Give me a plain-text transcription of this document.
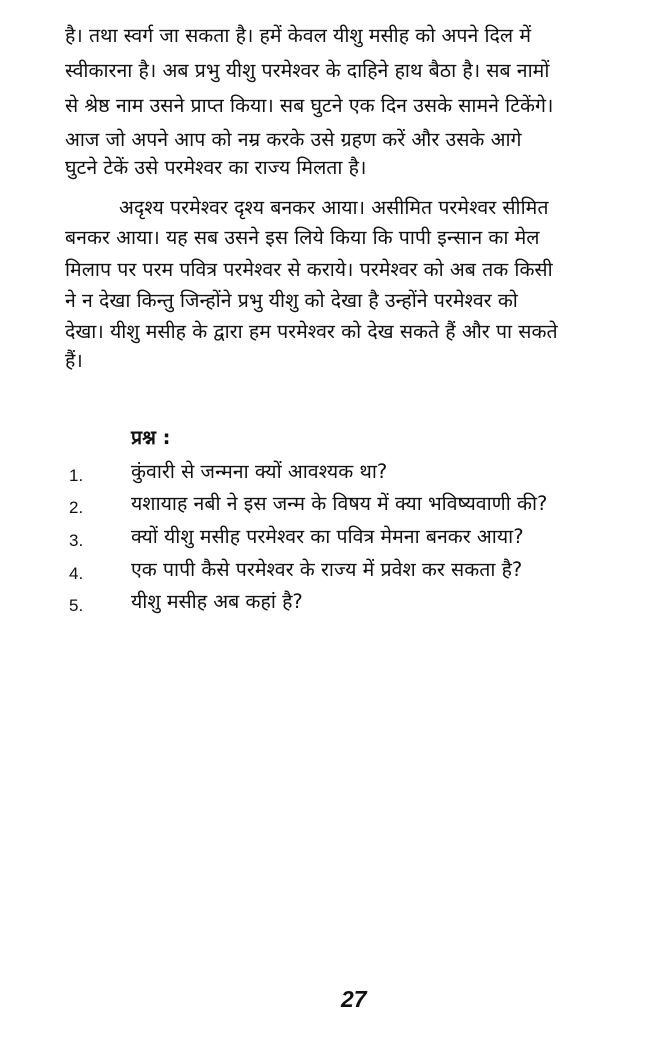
है। तथा स्वर्ग जा सकता है। हमें केवल यीशु मसीह को अपने दिल में
स्वीकारना है। अब प्रभु यीशु परमेश्वर के दाहिने हाथ बैठा है। सब नामों
से श्रेष्ठ नाम उसने प्राप्त किया। सब घुटने एक दिन उसके सामने टिकेंगे।
आज जो अपने आप को नम्र करके उसे ग्रहण करें और उसके आगे
घुटने टेकें उसे परमेश्वर का राज्य मिलता है।
अदृश्य परमेश्वर दृश्य बनकर आया। असीमित परमेश्वर सीमित
बनकर आया। यह सब उसने इस लिये किया कि पापी इन्सान का मेल
मिलाप पर परम पवित्र परमेश्वर से कराये। परमेश्वर को अब तक किसी
ने न देखा किन्तु जिन्होंने प्रभु यीशु को देखा है उन्होंने परमेश्वर को
देखा। यीशु मसीह के द्वारा हम परमेश्वर को देख सकते हैं और पा सकते
हैं।
प्रश्न :
1. कुंवारी से जन्मना क्यों आवश्यक था?
2. यशायाह नबी ने इस जन्म के विषय में क्या भविष्यवाणी की?
3. क्यों यीशु मसीह परमेश्वर का पवित्र मेमना बनकर आया?
4. एक पापी कैसे परमेश्वर के राज्य में प्रवेश कर सकता है?
5. यीशु मसीह अब कहां है?
27
